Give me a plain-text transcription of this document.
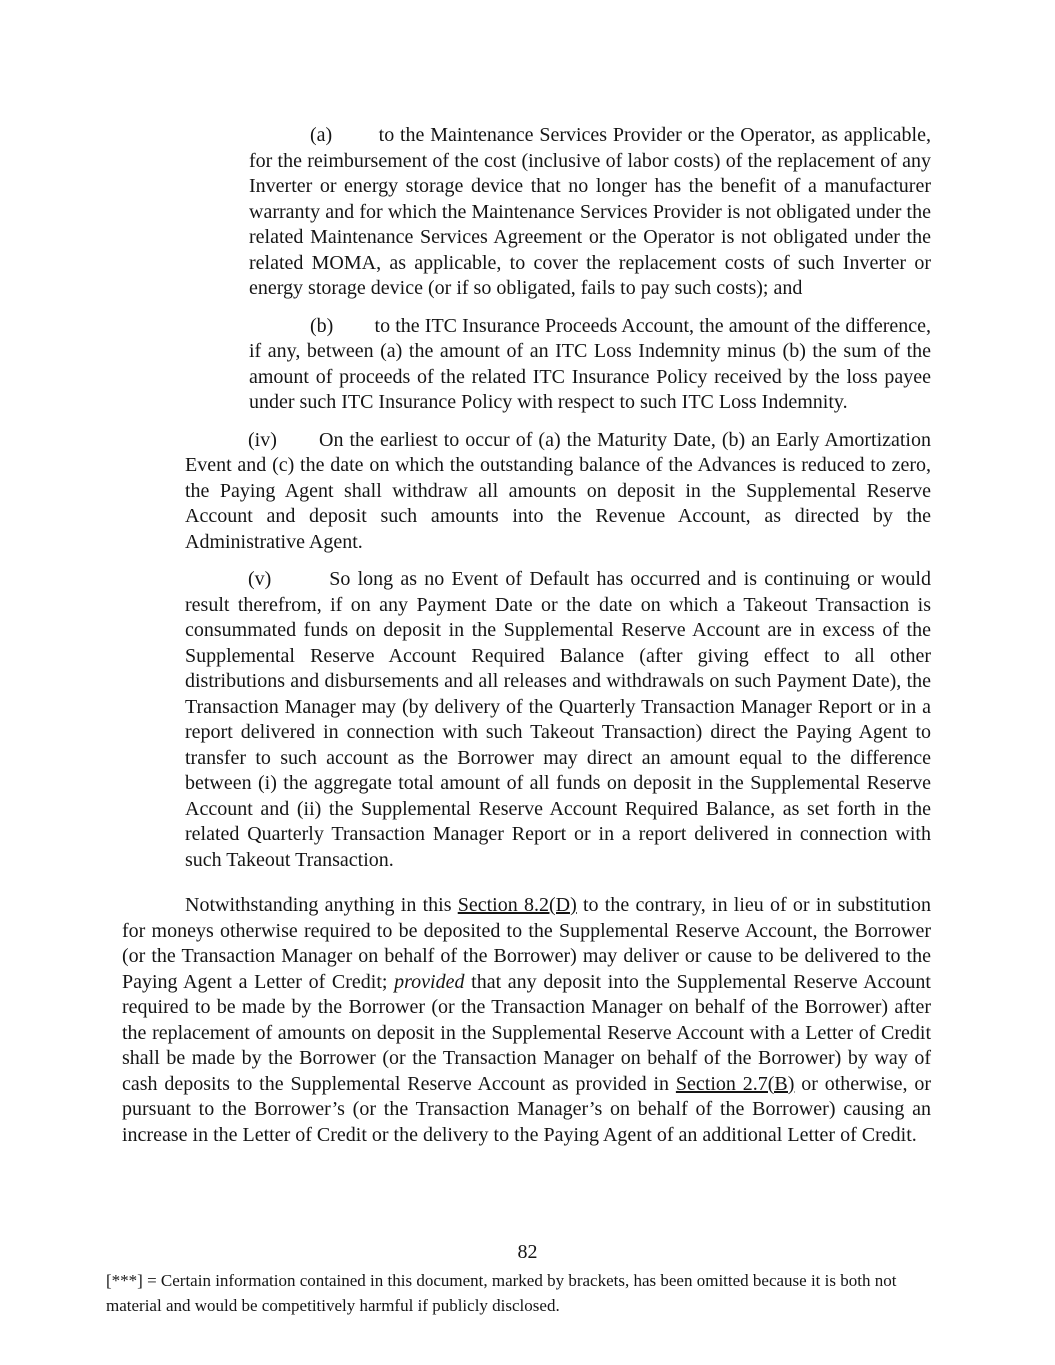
(a)        to the Maintenance Services Provider or the Operator, as applicable, for the reimbursement of the cost (inclusive of labor costs) of the replacement of any Inverter or energy storage device that no longer has the benefit of a manufacturer warranty and for which the Maintenance Services Provider is not obligated under the related Maintenance Services Agreement or the Operator is not obligated under the related MOMA, as applicable, to cover the replacement costs of such Inverter or energy storage device (or if so obligated, fails to pay such costs); and

(b)        to the ITC Insurance Proceeds Account, the amount of the difference, if any, between (a) the amount of an ITC Loss Indemnity minus (b) the sum of the amount of proceeds of the related ITC Insurance Policy received by the loss payee under such ITC Insurance Policy with respect to such ITC Loss Indemnity.

(iv)       On the earliest to occur of (a) the Maturity Date, (b) an Early Amortization Event and (c) the date on which the outstanding balance of the Advances is reduced to zero, the Paying Agent shall withdraw all amounts on deposit in the Supplemental Reserve Account and deposit such amounts into the Revenue Account, as directed by the Administrative Agent.

(v)        So long as no Event of Default has occurred and is continuing or would result therefrom, if on any Payment Date or the date on which a Takeout Transaction is consummated funds on deposit in the Supplemental Reserve Account are in excess of the Supplemental Reserve Account Required Balance (after giving effect to all other distributions and disbursements and all releases and withdrawals on such Payment Date), the Transaction Manager may (by delivery of the Quarterly Transaction Manager Report or in a report delivered in connection with such Takeout Transaction) direct the Paying Agent to transfer to such account as the Borrower may direct an amount equal to the difference between (i) the aggregate total amount of all funds on deposit in the Supplemental Reserve Account and (ii) the Supplemental Reserve Account Required Balance, as set forth in the related Quarterly Transaction Manager Report or in a report delivered in connection with such Takeout Transaction.

Notwithstanding anything in this Section 8.2(D) to the contrary, in lieu of or in substitution for moneys otherwise required to be deposited to the Supplemental Reserve Account, the Borrower (or the Transaction Manager on behalf of the Borrower) may deliver or cause to be delivered to the Paying Agent a Letter of Credit; provided that any deposit into the Supplemental Reserve Account required to be made by the Borrower (or the Transaction Manager on behalf of the Borrower) after the replacement of amounts on deposit in the Supplemental Reserve Account with a Letter of Credit shall be made by the Borrower (or the Transaction Manager on behalf of the Borrower) by way of cash deposits to the Supplemental Reserve Account as provided in Section 2.7(B) or otherwise, or pursuant to the Borrower’s (or the Transaction Manager’s on behalf of the Borrower) causing an increase in the Letter of Credit or the delivery to the Paying Agent of an additional Letter of Credit.

82

[***] = Certain information contained in this document, marked by brackets, has been omitted because it is both not material and would be competitively harmful if publicly disclosed.
